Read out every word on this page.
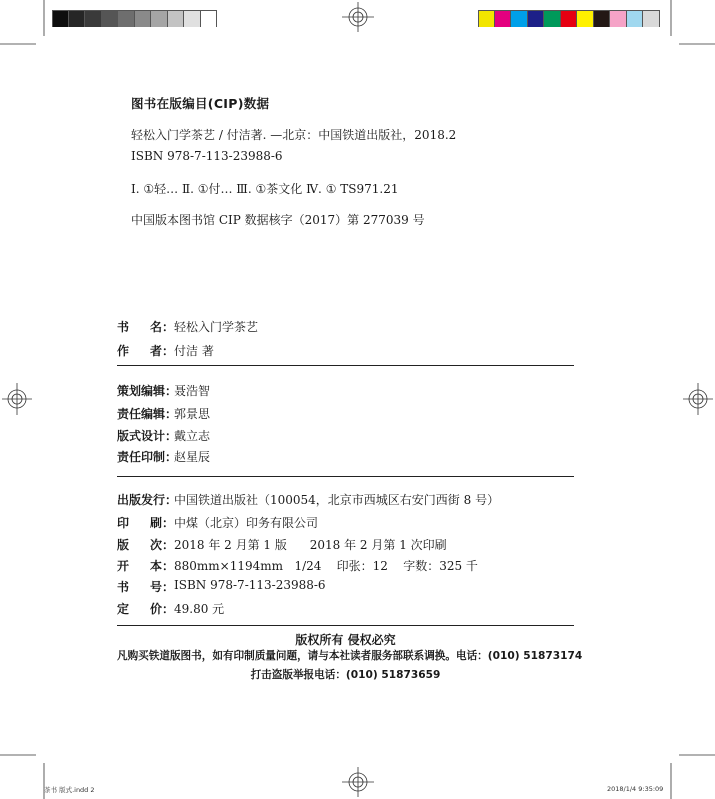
图书在版编目(CIP)数据
轻松入门学茶艺 / 付洁著. —北京：中国铁道出版社，2018.2
ISBN 978-7-113-23988-6
Ⅰ. ①轻… Ⅱ. ①付… Ⅲ. ①茶文化 Ⅳ. ① TS971.21
中国版本图书馆 CIP 数据核字（2017）第 277039 号
书 名： 轻松入门学茶艺
作 者： 付洁 著
策划编辑：
聂浩智
责任编辑：
郭景思
版式设计：
戴立志
责任印制：
赵星辰
出版发行：
中国铁道出版社（100054，北京市西城区右安门西街 8 号）
印 刷： 中煤（北京）印务有限公司
版 次： 2018 年 2 月第 1 版      2018 年 2 月第 1 次印刷
开 本： 880mm×1194mm   1/24    印张：12    字数：325 千
书 号： ISBN 978-7-113-23988-6
定 价： 49.80 元
版权所有 侵权必究
凡购买铁道版图书，如有印制质量问题，请与本社读者服务部联系调换。电话：(010) 51873174
打击盗版举报电话：(010) 51873659
茶书 版式.indd 2	2018/1/4 9:35:09
